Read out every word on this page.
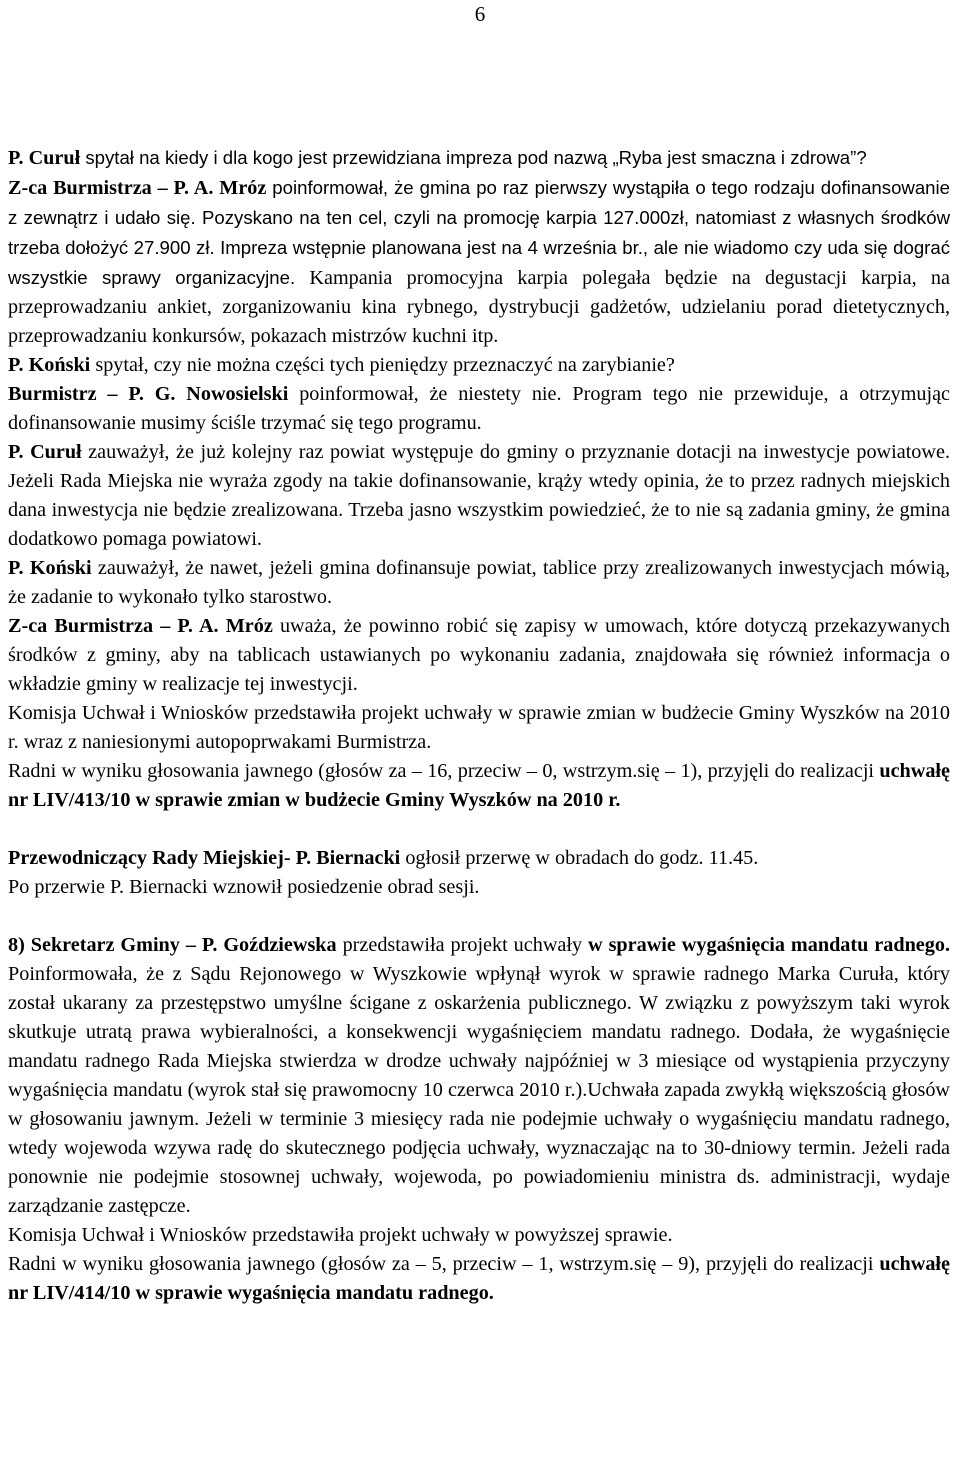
6

P. Curuł spytał na kiedy i dla kogo jest przewidziana impreza pod nazwą „Ryba jest smaczna i zdrowa”?

Z-ca Burmistrza – P. A. Mróz poinformował, że gmina po raz pierwszy wystąpiła o tego rodzaju dofinansowanie z zewnątrz i udało się. Pozyskano na ten cel, czyli na promocję karpia 127.000zł, natomiast z własnych środków trzeba dołożyć 27.900 zł. Impreza wstępnie planowana jest na 4 września br., ale nie wiadomo czy uda się dograć wszystkie sprawy organizacyjne. Kampania promocyjna karpia polegała będzie na degustacji karpia, na przeprowadzaniu ankiet, zorganizowaniu kina rybnego, dystrybucji gadżetów, udzielaniu porad dietetycznych, przeprowadzaniu konkursów, pokazach mistrzów kuchni itp.

P. Koński spytał, czy nie można części tych pieniędzy przeznaczyć na zarybianie?

Burmistrz – P. G. Nowosielski poinformował, że niestety nie. Program tego nie przewiduje, a otrzymując dofinansowanie musimy ściśle trzymać się tego programu.

P. Curuł zauważył, że już kolejny raz powiat występuje do gminy o przyznanie dotacji na inwestycje powiatowe. Jeżeli Rada Miejska nie wyraża zgody na takie dofinansowanie, krąży wtedy opinia, że to przez radnych miejskich dana inwestycja nie będzie zrealizowana. Trzeba jasno wszystkim powiedzieć, że to nie są zadania gminy, że gmina dodatkowo pomaga powiatowi.

P. Koński zauważył, że nawet, jeżeli gmina dofinansuje powiat, tablice przy zrealizowanych inwestycjach mówią, że zadanie to wykonało tylko starostwo.

Z-ca Burmistrza – P. A. Mróz uważa, że powinno robić się zapisy w umowach, które dotyczą przekazywanych środków z gminy, aby na tablicach ustawianych po wykonaniu zadania, znajdowała się również informacja o wkładzie gminy w realizacje tej inwestycji.

Komisja Uchwał i Wniosków przedstawiła projekt uchwały w sprawie zmian w budżecie Gminy Wyszków na 2010 r. wraz z naniesionymi autopoprwakami Burmistrza.

Radni w wyniku głosowania jawnego (głosów za – 16, przeciw – 0, wstrzym.się – 1), przyjęli do realizacji uchwałę nr LIV/413/10 w sprawie zmian w budżecie Gminy Wyszków na 2010 r.

Przewodniczący Rady Miejskiej- P. Biernacki ogłosił przerwę w obradach do godz. 11.45.

Po przerwie P. Biernacki wznowił posiedzenie obrad sesji.

8) Sekretarz Gminy – P. Goździewska przedstawiła projekt uchwały w sprawie wygaśnięcia mandatu radnego. Poinformowała, że z Sądu Rejonowego w Wyszkowie wpłynął wyrok w sprawie radnego Marka Curuła, który został ukarany za przestępstwo umyślne ścigane z oskarżenia publicznego. W związku z powyższym taki wyrok skutkuje utratą prawa wybieralności, a konsekwencji wygaśnięciem mandatu radnego. Dodała, że wygaśnięcie mandatu radnego Rada Miejska stwierdza w drodze uchwały najpóźniej w 3 miesiące od wystąpienia przyczyny wygaśnięcia mandatu (wyrok stał się prawomocny 10 czerwca 2010 r.).Uchwała zapada zwykłą większością głosów w głosowaniu jawnym. Jeżeli w terminie 3 miesięcy rada nie podejmie uchwały o wygaśnięciu mandatu radnego, wtedy wojewoda wzywa radę do skutecznego podjęcia uchwały, wyznaczając na to 30-dniowy termin. Jeżeli rada ponownie nie podejmie stosownej uchwały, wojewoda, po powiadomieniu ministra ds. administracji, wydaje zarządzanie zastępcze.

Komisja Uchwał i Wniosków przedstawiła projekt uchwały w powyższej sprawie.

Radni w wyniku głosowania jawnego (głosów za – 5, przeciw – 1, wstrzym.się – 9), przyjęli do realizacji uchwałę nr LIV/414/10 w sprawie wygaśnięcia mandatu radnego.
